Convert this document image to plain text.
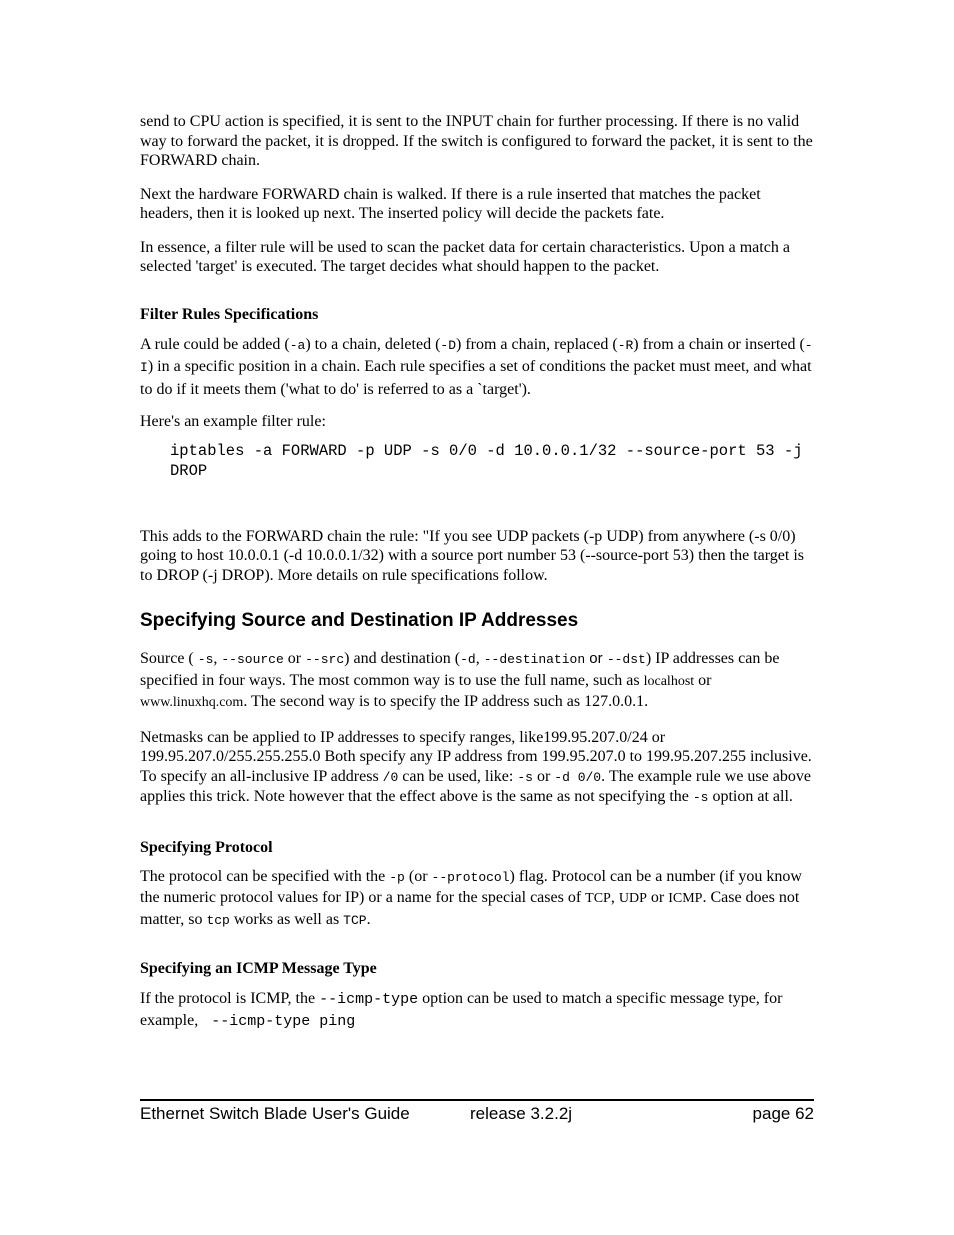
send to CPU action is specified, it is sent to the INPUT chain for further processing. If there is no valid way to forward the packet, it is dropped. If the switch is configured to forward the packet, it is sent to the FORWARD chain.

Next the hardware FORWARD chain is walked. If there is a rule inserted that matches the packet headers, then it is looked up next. The inserted policy will decide the packets fate.

In essence, a filter rule will be used to scan the packet data for certain characteristics. Upon a match a selected 'target' is executed. The target decides what should happen to the packet.

Filter Rules Specifications

A rule could be added (-a) to a chain, deleted (-D) from a chain, replaced (-R) from a chain or inserted (-I) in a specific position in a chain. Each rule specifies a set of conditions the packet must meet, and what to do if it meets them ('what to do' is referred to as a `target').

Here's an example filter rule:

iptables -a FORWARD -p UDP -s 0/0 -d 10.0.0.1/32 --source-port 53 -j DROP

This adds to the FORWARD chain the rule: "If you see UDP packets (-p UDP) from anywhere (-s 0/0) going to host 10.0.0.1 (-d 10.0.0.1/32) with a source port number 53 (--source-port 53) then the target is to DROP (-j DROP). More details on rule specifications follow.

Specifying Source and Destination IP Addresses

Source ( -s, --source or --src) and destination (-d, --destination or --dst) IP addresses can be specified in four ways. The most common way is to use the full name, such as localhost or www.linuxhq.com. The second way is to specify the IP address such as 127.0.0.1.

Netmasks can be applied to IP addresses to specify ranges, like199.95.207.0/24 or 199.95.207.0/255.255.255.0 Both specify any IP address from 199.95.207.0 to 199.95.207.255 inclusive. To specify an all-inclusive IP address /0 can be used, like: -s or -d 0/0. The example rule we use above applies this trick. Note however that the effect above is the same as not specifying the -s option at all.

Specifying Protocol

The protocol can be specified with the -p (or --protocol) flag. Protocol can be a number (if you know the numeric protocol values for IP) or a name for the special cases of TCP, UDP or ICMP. Case does not matter, so tcp works as well as TCP.

Specifying an ICMP Message Type

If the protocol is ICMP, the --icmp-type option can be used to match a specific message type, for example,  --icmp-type ping

Ethernet Switch Blade User's Guide	release 3.2.2j	page 62
